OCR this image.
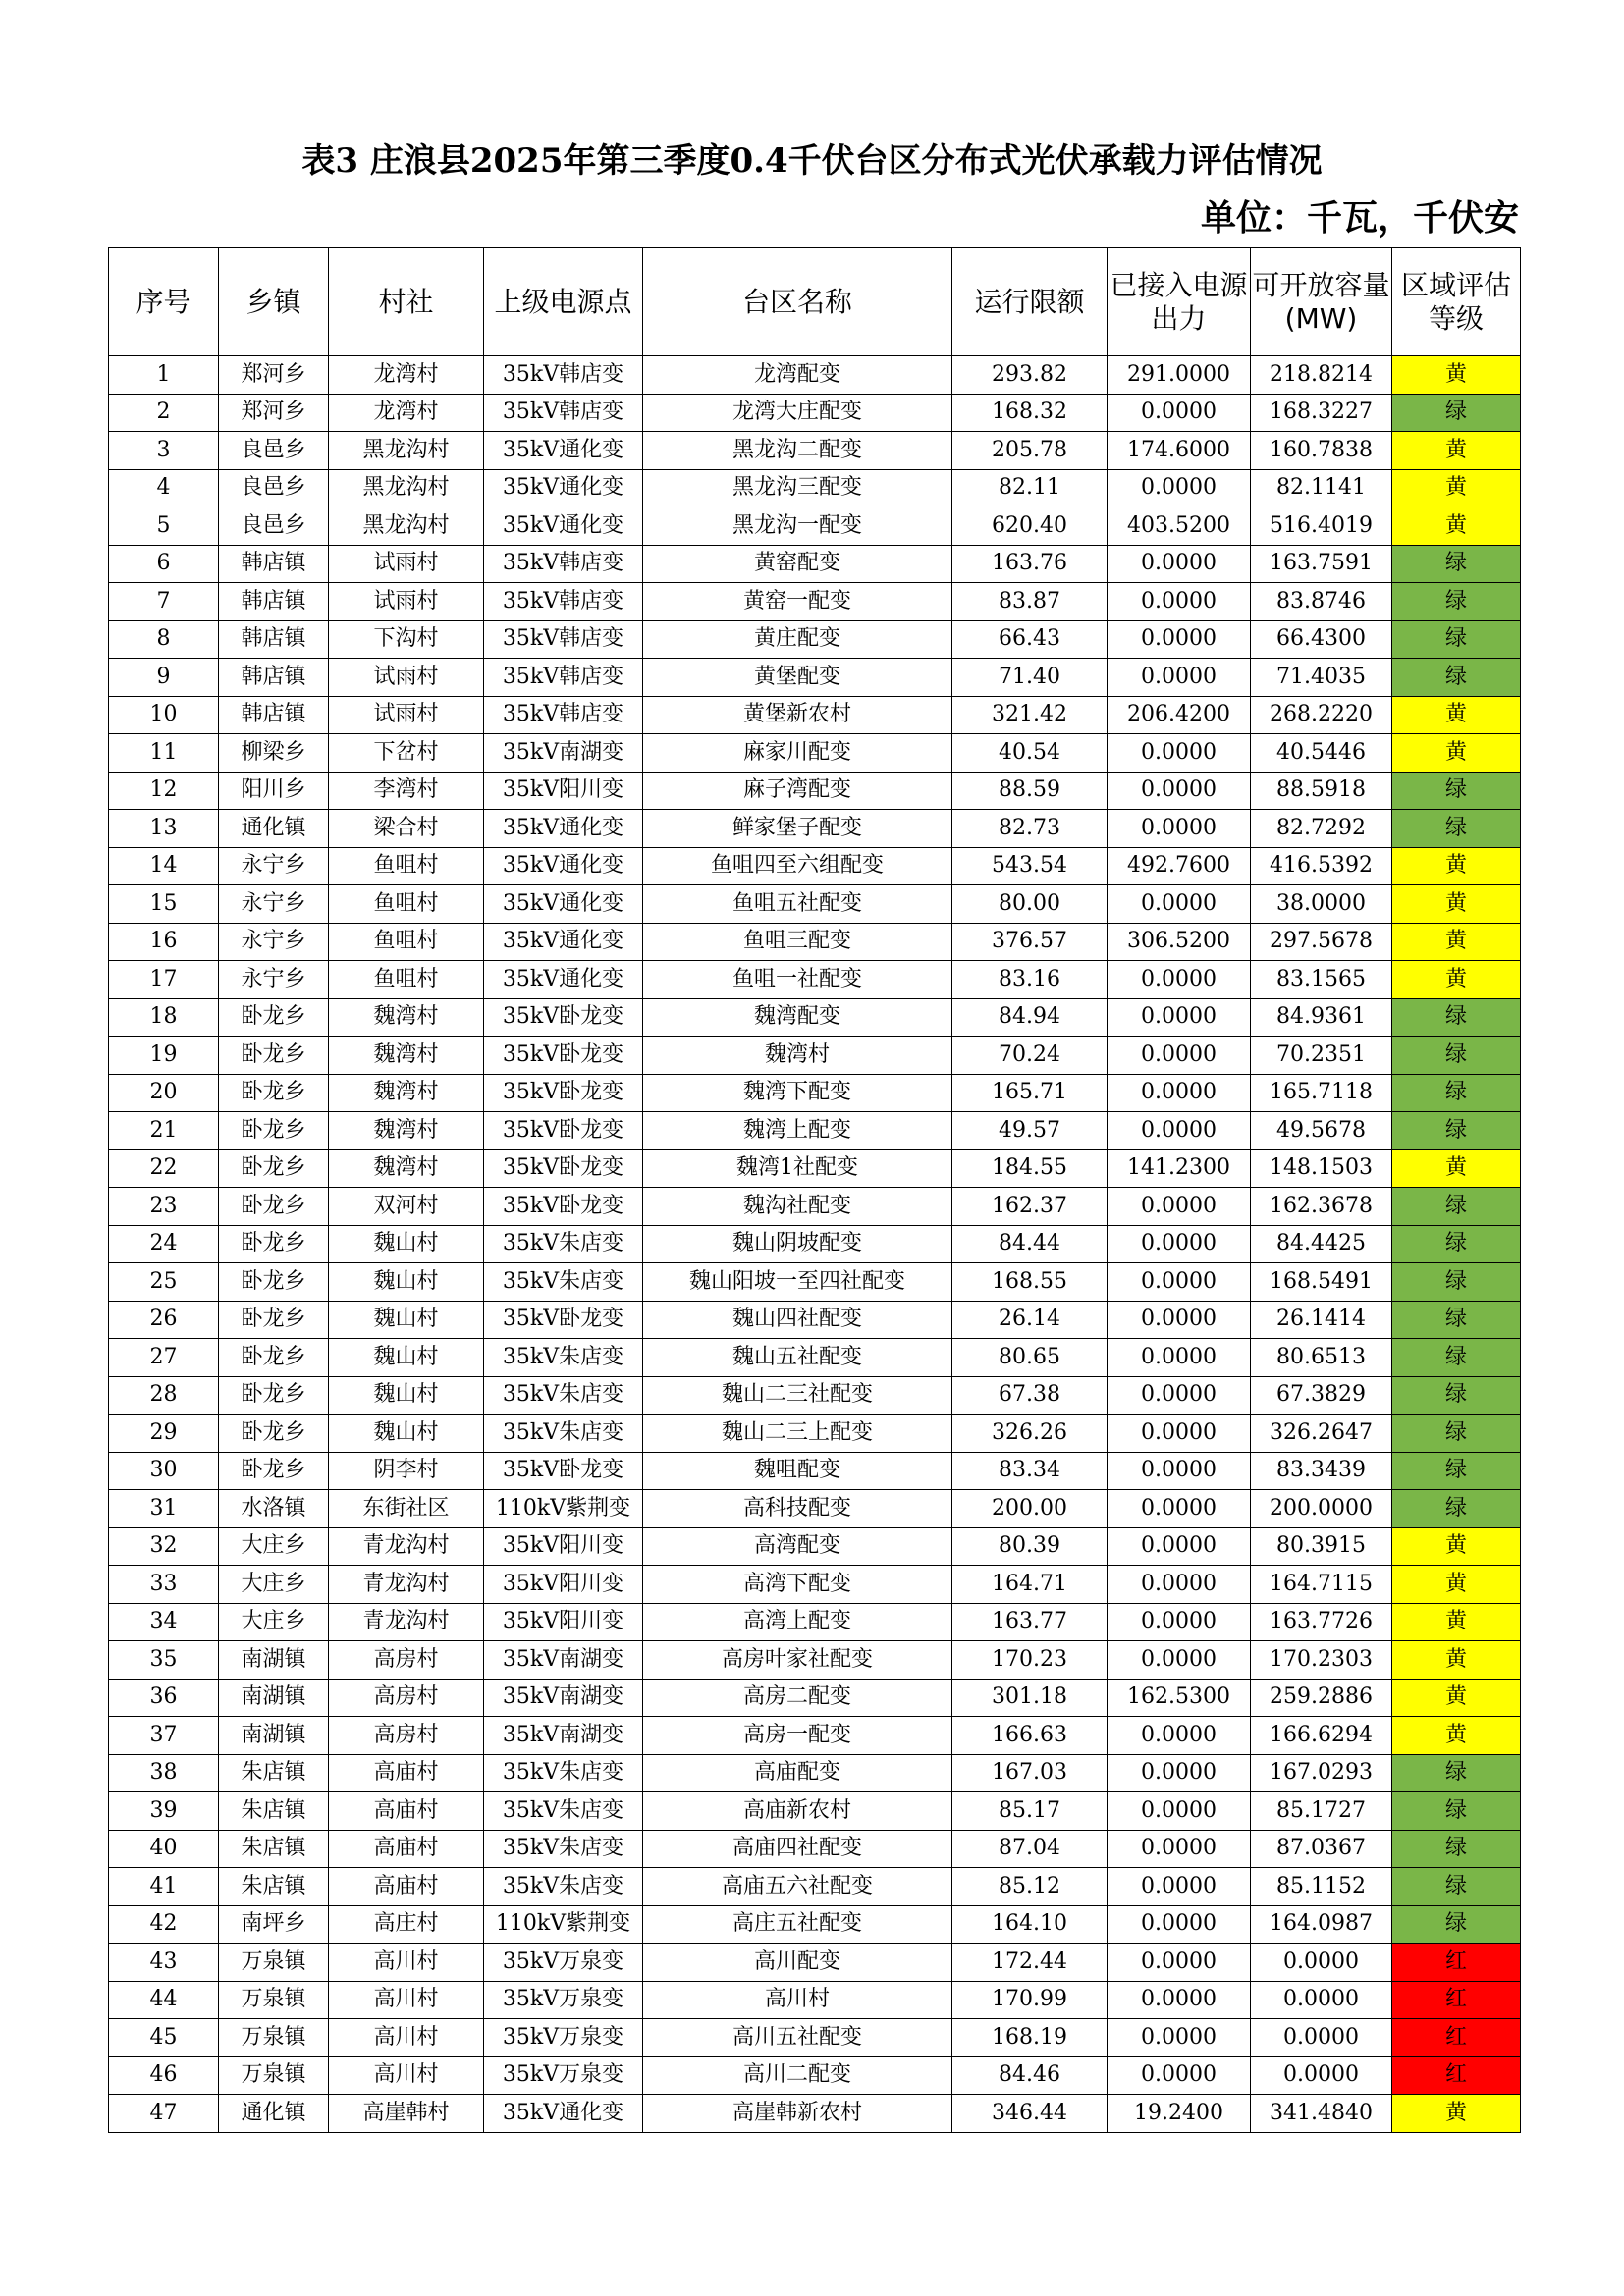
表3 庄浪县2025年第三季度0.4千伏台区分布式光伏承载力评估情况
单位：千瓦，千伏安
序号	乡镇	村社	上级电源点	台区名称	运行限额	已接入电源出力	可开放容量(MW)	区域评估等级
1	郑河乡	龙湾村	35kV韩店变	龙湾配变	293.82	291.0000	218.8214	黄
2	郑河乡	龙湾村	35kV韩店变	龙湾大庄配变	168.32	0.0000	168.3227	绿
3	良邑乡	黑龙沟村	35kV通化变	黑龙沟二配变	205.78	174.6000	160.7838	黄
4	良邑乡	黑龙沟村	35kV通化变	黑龙沟三配变	82.11	0.0000	82.1141	黄
5	良邑乡	黑龙沟村	35kV通化变	黑龙沟一配变	620.40	403.5200	516.4019	黄
6	韩店镇	试雨村	35kV韩店变	黄窑配变	163.76	0.0000	163.7591	绿
7	韩店镇	试雨村	35kV韩店变	黄窑一配变	83.87	0.0000	83.8746	绿
8	韩店镇	下沟村	35kV韩店变	黄庄配变	66.43	0.0000	66.4300	绿
9	韩店镇	试雨村	35kV韩店变	黄堡配变	71.40	0.0000	71.4035	绿
10	韩店镇	试雨村	35kV韩店变	黄堡新农村	321.42	206.4200	268.2220	黄
11	柳梁乡	下岔村	35kV南湖变	麻家川配变	40.54	0.0000	40.5446	黄
12	阳川乡	李湾村	35kV阳川变	麻子湾配变	88.59	0.0000	88.5918	绿
13	通化镇	梁合村	35kV通化变	鲜家堡子配变	82.73	0.0000	82.7292	绿
14	永宁乡	鱼咀村	35kV通化变	鱼咀四至六组配变	543.54	492.7600	416.5392	黄
15	永宁乡	鱼咀村	35kV通化变	鱼咀五社配变	80.00	0.0000	38.0000	黄
16	永宁乡	鱼咀村	35kV通化变	鱼咀三配变	376.57	306.5200	297.5678	黄
17	永宁乡	鱼咀村	35kV通化变	鱼咀一社配变	83.16	0.0000	83.1565	黄
18	卧龙乡	魏湾村	35kV卧龙变	魏湾配变	84.94	0.0000	84.9361	绿
19	卧龙乡	魏湾村	35kV卧龙变	魏湾村	70.24	0.0000	70.2351	绿
20	卧龙乡	魏湾村	35kV卧龙变	魏湾下配变	165.71	0.0000	165.7118	绿
21	卧龙乡	魏湾村	35kV卧龙变	魏湾上配变	49.57	0.0000	49.5678	绿
22	卧龙乡	魏湾村	35kV卧龙变	魏湾1社配变	184.55	141.2300	148.1503	黄
23	卧龙乡	双河村	35kV卧龙变	魏沟社配变	162.37	0.0000	162.3678	绿
24	卧龙乡	魏山村	35kV朱店变	魏山阴坡配变	84.44	0.0000	84.4425	绿
25	卧龙乡	魏山村	35kV朱店变	魏山阳坡一至四社配变	168.55	0.0000	168.5491	绿
26	卧龙乡	魏山村	35kV卧龙变	魏山四社配变	26.14	0.0000	26.1414	绿
27	卧龙乡	魏山村	35kV朱店变	魏山五社配变	80.65	0.0000	80.6513	绿
28	卧龙乡	魏山村	35kV朱店变	魏山二三社配变	67.38	0.0000	67.3829	绿
29	卧龙乡	魏山村	35kV朱店变	魏山二三上配变	326.26	0.0000	326.2647	绿
30	卧龙乡	阴李村	35kV卧龙变	魏咀配变	83.34	0.0000	83.3439	绿
31	水洛镇	东街社区	110kV紫荆变	高科技配变	200.00	0.0000	200.0000	绿
32	大庄乡	青龙沟村	35kV阳川变	高湾配变	80.39	0.0000	80.3915	黄
33	大庄乡	青龙沟村	35kV阳川变	高湾下配变	164.71	0.0000	164.7115	黄
34	大庄乡	青龙沟村	35kV阳川变	高湾上配变	163.77	0.0000	163.7726	黄
35	南湖镇	高房村	35kV南湖变	高房叶家社配变	170.23	0.0000	170.2303	黄
36	南湖镇	高房村	35kV南湖变	高房二配变	301.18	162.5300	259.2886	黄
37	南湖镇	高房村	35kV南湖变	高房一配变	166.63	0.0000	166.6294	黄
38	朱店镇	高庙村	35kV朱店变	高庙配变	167.03	0.0000	167.0293	绿
39	朱店镇	高庙村	35kV朱店变	高庙新农村	85.17	0.0000	85.1727	绿
40	朱店镇	高庙村	35kV朱店变	高庙四社配变	87.04	0.0000	87.0367	绿
41	朱店镇	高庙村	35kV朱店变	高庙五六社配变	85.12	0.0000	85.1152	绿
42	南坪乡	高庄村	110kV紫荆变	高庄五社配变	164.10	0.0000	164.0987	绿
43	万泉镇	高川村	35kV万泉变	高川配变	172.44	0.0000	0.0000	红
44	万泉镇	高川村	35kV万泉变	高川村	170.99	0.0000	0.0000	红
45	万泉镇	高川村	35kV万泉变	高川五社配变	168.19	0.0000	0.0000	红
46	万泉镇	高川村	35kV万泉变	高川二配变	84.46	0.0000	0.0000	红
47	通化镇	高崖韩村	35kV通化变	高崖韩新农村	346.44	19.2400	341.4840	黄
